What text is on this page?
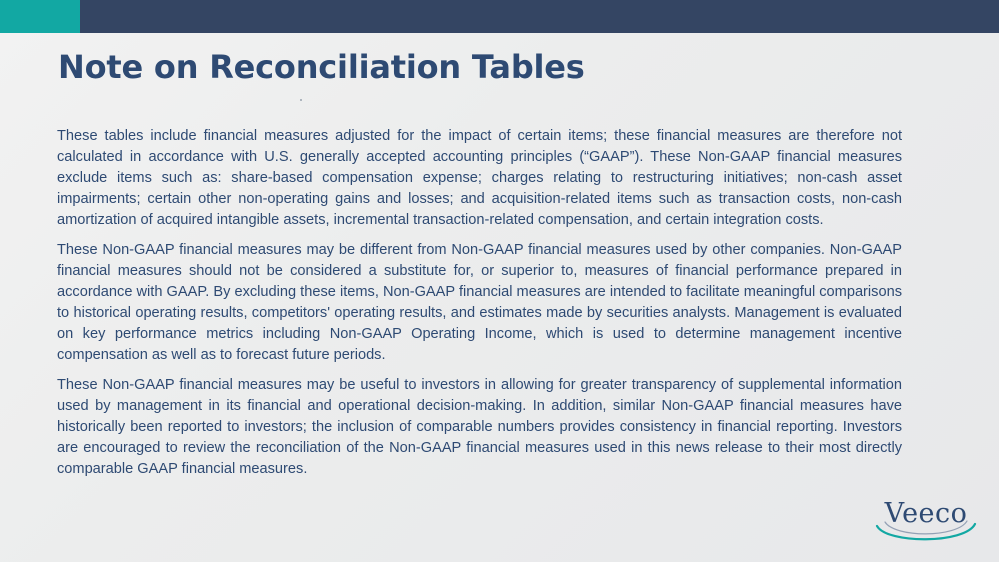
Note on Reconciliation Tables

These tables include financial measures adjusted for the impact of certain items; these financial measures are therefore not calculated in accordance with U.S. generally accepted accounting principles (“GAAP”). These Non-GAAP financial measures exclude items such as: share-based compensation expense; charges relating to restructuring initiatives; non-cash asset impairments; certain other non-operating gains and losses; and acquisition-related items such as transaction costs, non-cash amortization of acquired intangible assets, incremental transaction-related compensation, and certain integration costs.

These Non-GAAP financial measures may be different from Non-GAAP financial measures used by other companies. Non-GAAP financial measures should not be considered a substitute for, or superior to, measures of financial performance prepared in accordance with GAAP. By excluding these items, Non-GAAP financial measures are intended to facilitate meaningful comparisons to historical operating results, competitors' operating results, and estimates made by securities analysts. Management is evaluated on key performance metrics including Non-GAAP Operating Income, which is used to determine management incentive compensation as well as to forecast future periods.

These Non-GAAP financial measures may be useful to investors in allowing for greater transparency of supplemental information used by management in its financial and operational decision-making. In addition, similar Non-GAAP financial measures have historically been reported to investors; the inclusion of comparable numbers provides consistency in financial reporting. Investors are encouraged to review the reconciliation of the Non-GAAP financial measures used in this news release to their most directly comparable GAAP financial measures.

Veeco
